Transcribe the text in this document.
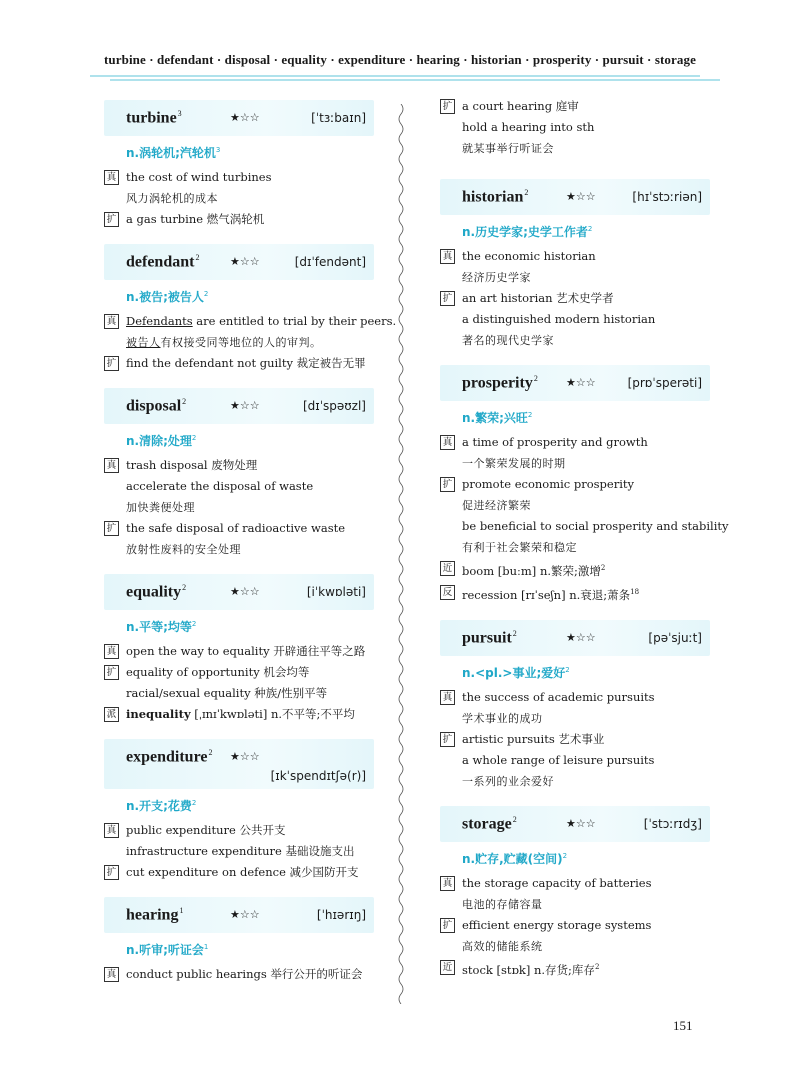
turbine · defendant · disposal · equality · expenditure · hearing · historian · prosperity · pursuit · storage
turbine$^3$	★☆☆	[ˈtɜːbaɪn]
n.涡轮机;汽轮机$^3$
真 the cost of wind turbines
风力涡轮机的成本
扩 a gas turbine 燃气涡轮机
defendant$^2$	★☆☆	[dɪˈfendənt]
n.被告;被告人$^2$
真 Defendants are entitled to trial by their peers.
被告人有权接受同等地位的人的审判。
扩 find the defendant not guilty 裁定被告无罪
disposal$^2$	★☆☆	[dɪˈspəʊzl]
n.清除;处理$^2$
真 trash disposal 废物处理
accelerate the disposal of waste
加快粪便处理
扩 the safe disposal of radioactive waste
放射性废料的安全处理
equality$^2$	★☆☆	[iˈkwɒləti]
n.平等;均等$^2$
真 open the way to equality 开辟通往平等之路
扩 equality of opportunity 机会均等
racial/sexual equality 种族/性别平等
派 inequality [ˌɪnɪˈkwɒləti] n.不平等;不平均
expenditure$^2$ ★☆☆
[ɪkˈspendɪtʃə(r)]
n.开支;花费$^2$
真 public expenditure 公共开支
infrastructure expenditure 基础设施支出
扩 cut expenditure on defence 减少国防开支
hearing$^1$	★☆☆	[ˈhɪərɪŋ]
n.听审;听证会$^1$
真 conduct public hearings 举行公开的听证会
扩 a court hearing 庭审
hold a hearing into sth
就某事举行听证会
historian$^2$	★☆☆	[hɪˈstɔːriən]
n.历史学家;史学工作者$^2$
真 the economic historian
经济历史学家
扩 an art historian 艺术史学者
a distinguished modern historian
著名的现代史学家
prosperity$^2$	★☆☆	[prɒˈsperəti]
n.繁荣;兴旺$^2$
真 a time of prosperity and growth
一个繁荣发展的时期
扩 promote economic prosperity
促进经济繁荣
be beneficial to social prosperity and stability
有利于社会繁荣和稳定
近 boom [buːm] n.繁荣;激增$^2$
反 recession [rɪˈseʃn] n.衰退;萧条$^{18}$
pursuit$^2$	★☆☆	[pəˈsjuːt]
n.<pl.>事业;爱好$^2$
真 the success of academic pursuits
学术事业的成功
扩 artistic pursuits 艺术事业
a whole range of leisure pursuits
一系列的业余爱好
storage$^2$	★☆☆	[ˈstɔːrɪdʒ]
n.贮存,贮藏(空间)$^2$
真 the storage capacity of batteries
电池的存储容量
扩 efficient energy storage systems
高效的储能系统
近 stock [stɒk] n.存货;库存$^2$
151
